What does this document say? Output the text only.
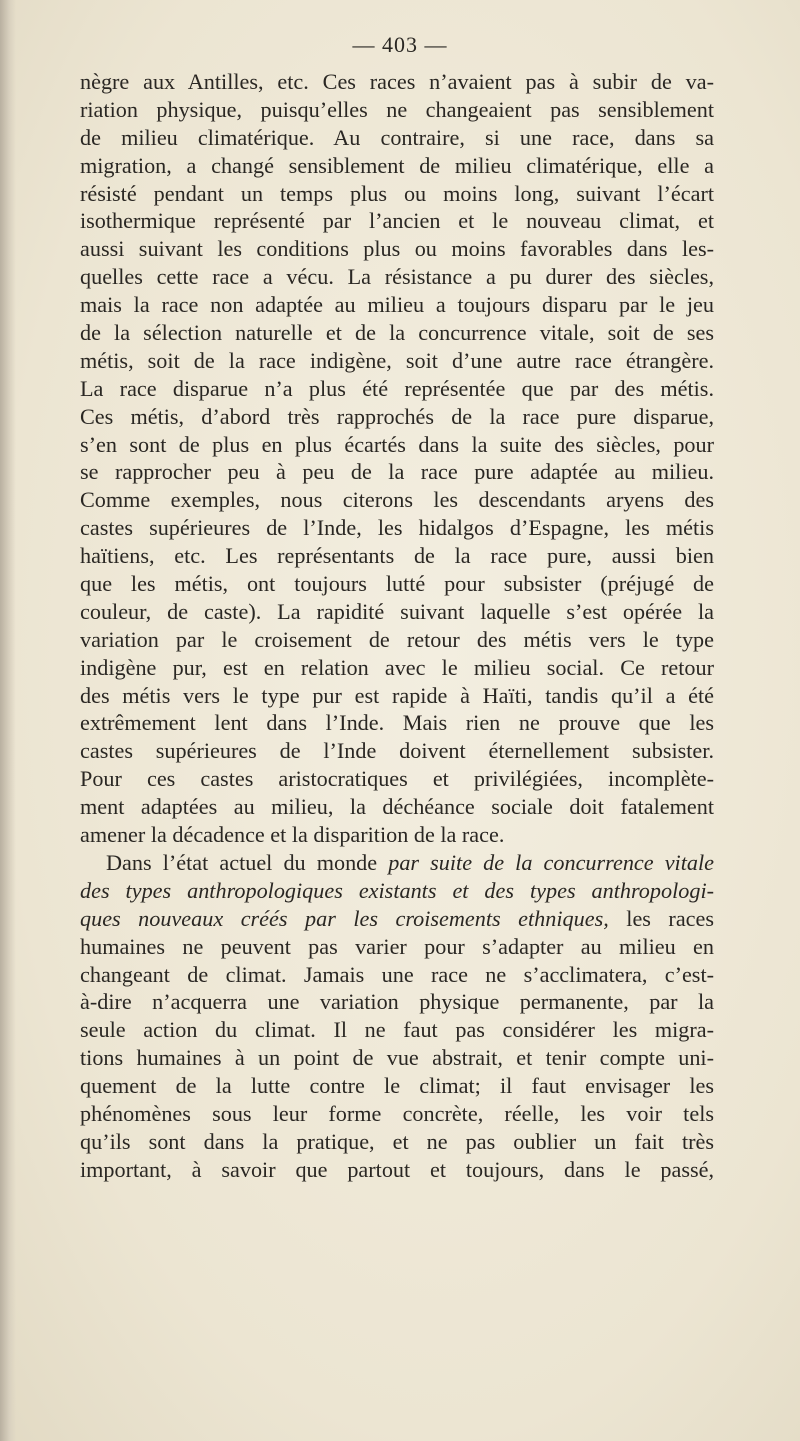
— 403 —
nègre aux Antilles, etc. Ces races n’avaient pas à subir de va-
riation physique, puisqu’elles ne changeaient pas sensiblement
de milieu climatérique. Au contraire, si une race, dans sa
migration, a changé sensiblement de milieu climatérique, elle a
résisté pendant un temps plus ou moins long, suivant l’écart
isothermique représenté par l’ancien et le nouveau climat, et
aussi suivant les conditions plus ou moins favorables dans les-
quelles cette race a vécu. La résistance a pu durer des siècles,
mais la race non adaptée au milieu a toujours disparu par le jeu
de la sélection naturelle et de la concurrence vitale, soit de ses
métis, soit de la race indigène, soit d’une autre race étrangère.
La race disparue n’a plus été représentée que par des métis.
Ces métis, d’abord très rapprochés de la race pure disparue,
s’en sont de plus en plus écartés dans la suite des siècles, pour
se rapprocher peu à peu de la race pure adaptée au milieu.
Comme exemples, nous citerons les descendants aryens des
castes supérieures de l’Inde, les hidalgos d’Espagne, les métis
haïtiens, etc. Les représentants de la race pure, aussi bien
que les métis, ont toujours lutté pour subsister (préjugé de
couleur, de caste). La rapidité suivant laquelle s’est opérée la
variation par le croisement de retour des métis vers le type
indigène pur, est en relation avec le milieu social. Ce retour
des métis vers le type pur est rapide à Haïti, tandis qu’il a été
extrêmement lent dans l’Inde. Mais rien ne prouve que les
castes supérieures de l’Inde doivent éternellement subsister.
Pour ces castes aristocratiques et privilégiées, incomplète-
ment adaptées au milieu, la déchéance sociale doit fatalement
amener la décadence et la disparition de la race.
Dans l’état actuel du monde par suite de la concurrence vitale
des types anthropologiques existants et des types anthropologi-
ques nouveaux créés par les croisements ethniques, les races
humaines ne peuvent pas varier pour s’adapter au milieu en
changeant de climat. Jamais une race ne s’acclimatera, c’est-
à-dire n’acquerra une variation physique permanente, par la
seule action du climat. Il ne faut pas considérer les migra-
tions humaines à un point de vue abstrait, et tenir compte uni-
quement de la lutte contre le climat; il faut envisager les
phénomènes sous leur forme concrète, réelle, les voir tels
qu’ils sont dans la pratique, et ne pas oublier un fait très
important, à savoir que partout et toujours, dans le passé,
